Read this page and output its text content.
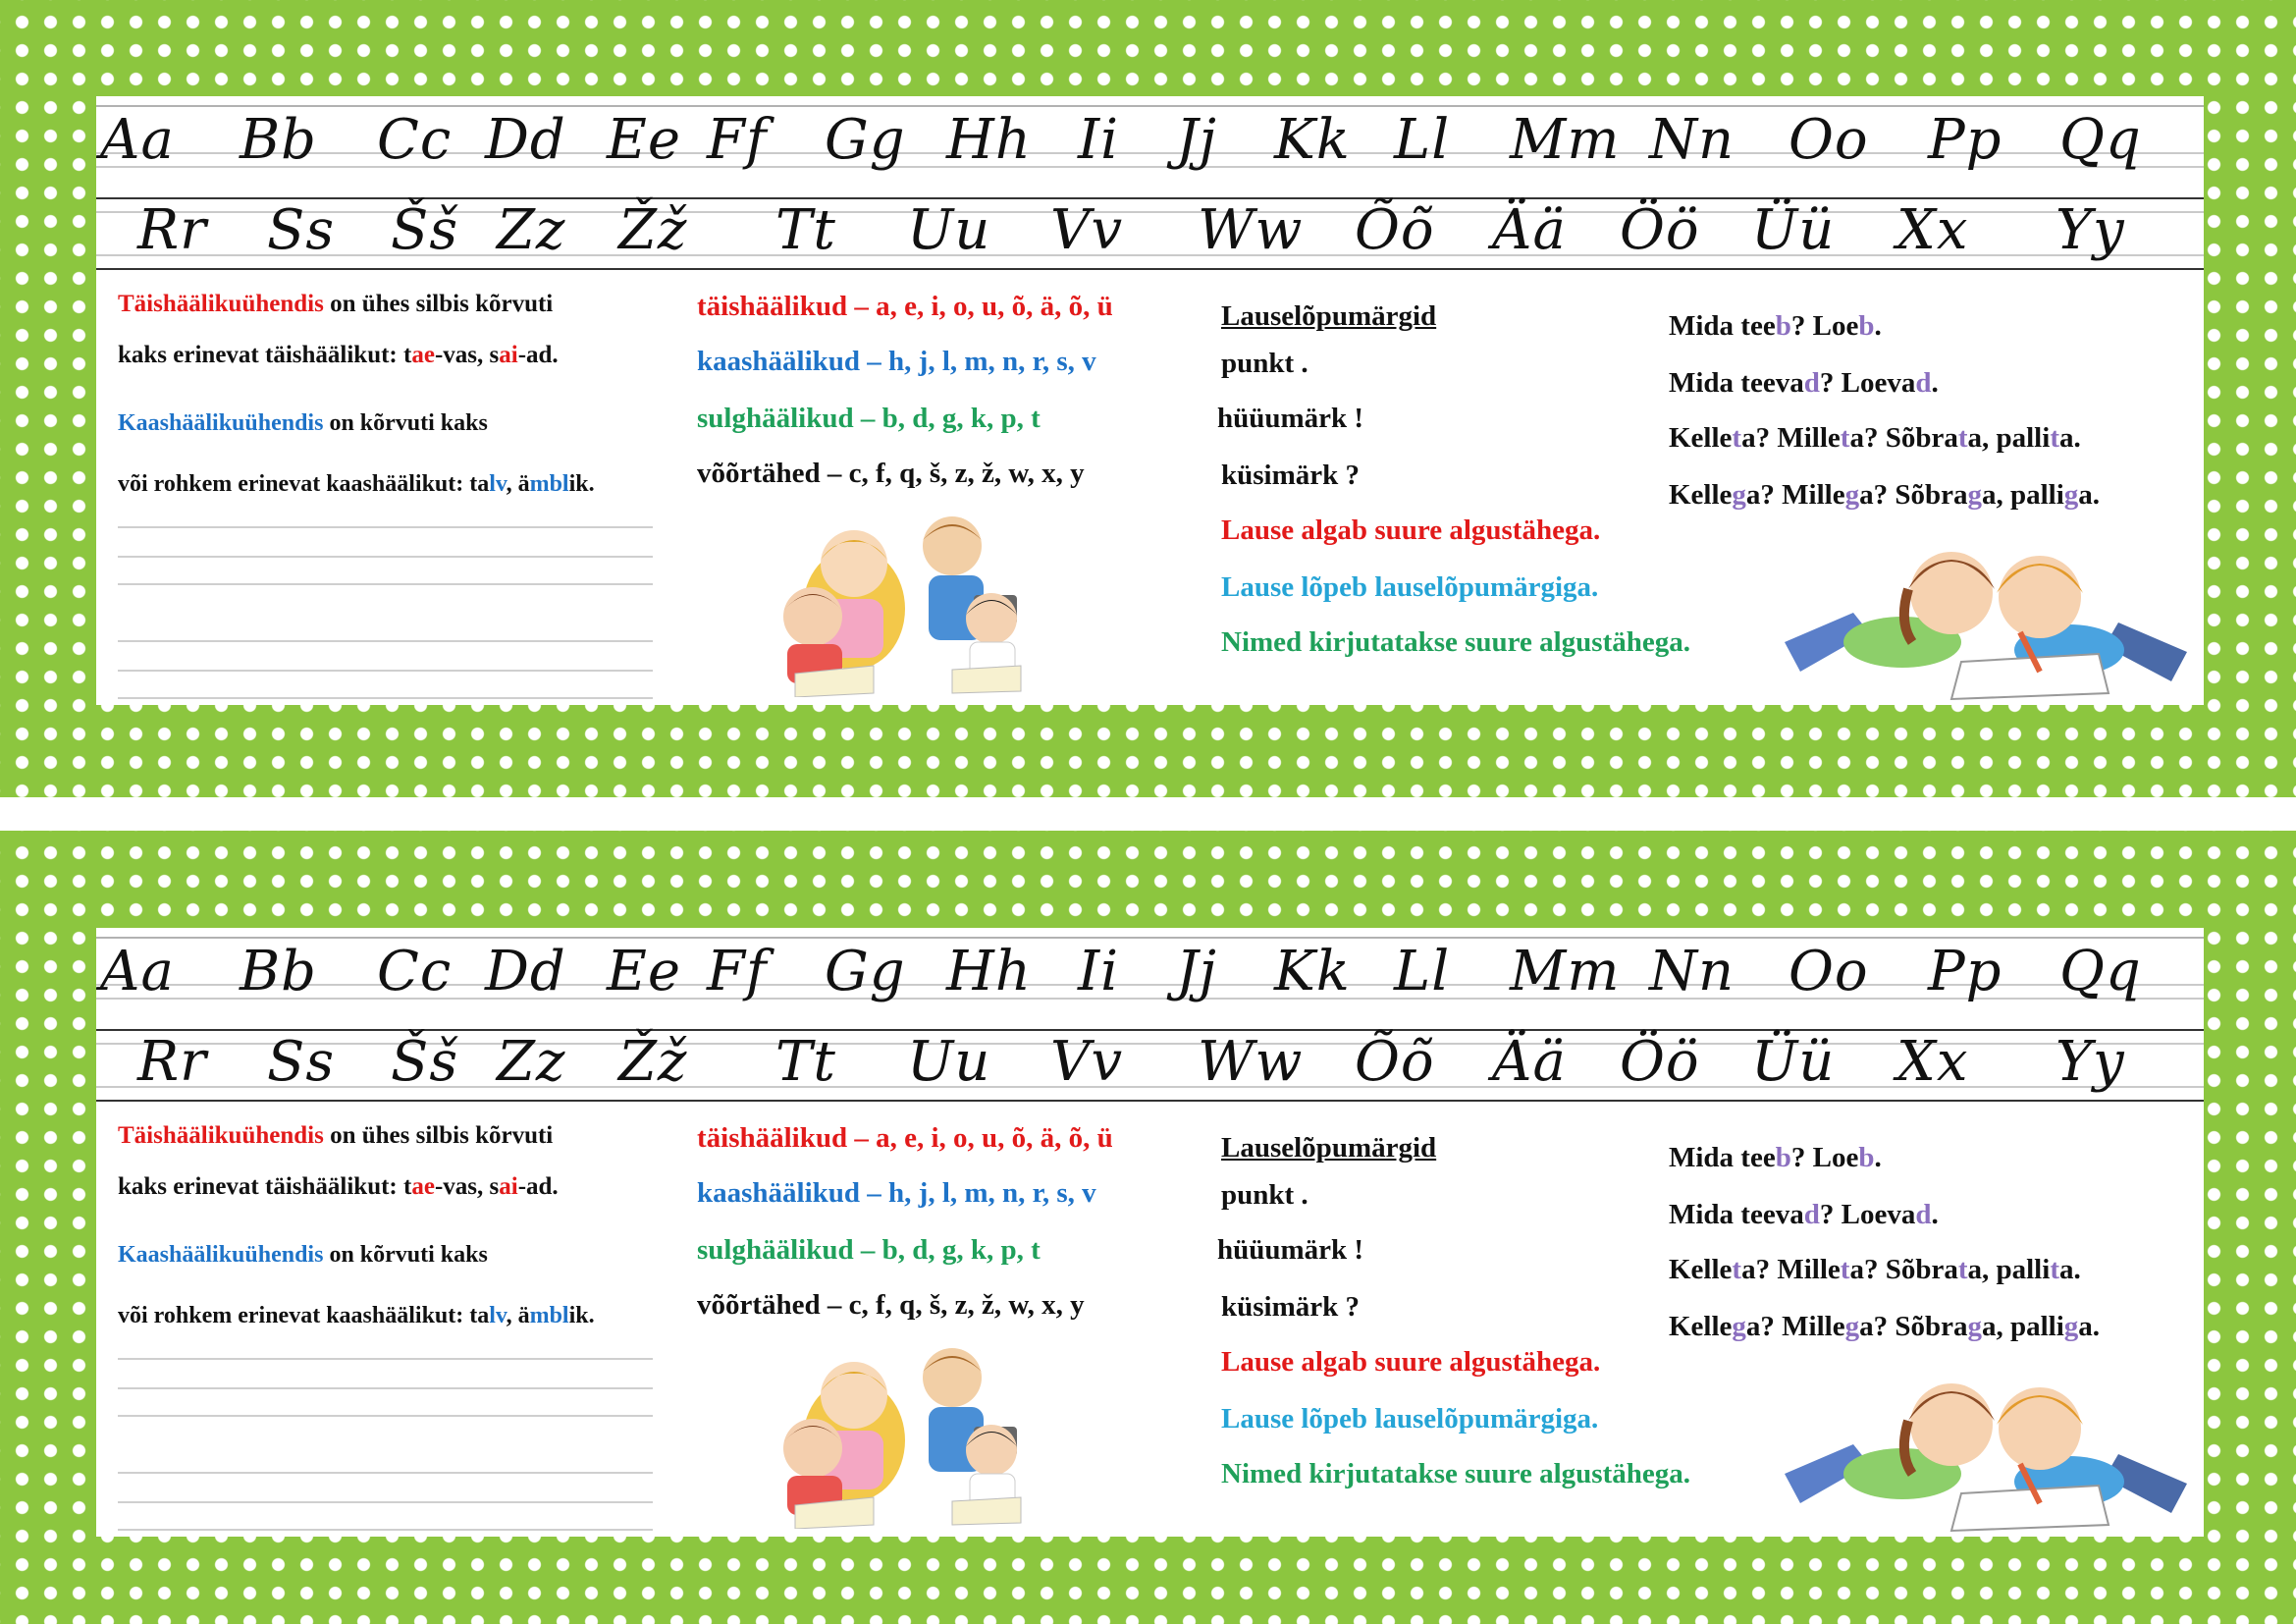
Aa Bb Cc Dd Ee Ff Gg Hh Ii Jj Kk Ll Mm Nn Oo Pp Qq
Rr Ss Šš Zz Žž Tt Uu Vv Ww Õõ Ää Öö Üü Xx Yy
Täishäälikuühendis on ühes silbis kõrvuti
kaks erinevat täishäälikut: tae-vas, sai-ad.
Kaashäälikuühendis on kõrvuti kaks
või rohkem erinevat kaashäälikut: talv, ämblik.
täishäälikud – a, e, i, o, u, õ, ä, õ, ü
kaashäälikud – h, j, l, m, n, r, s, v
sulghäälikud – b, d, g, k, p, t
võõrtähed – c, f, q, š, z, ž, w, x, y
Lauselõpumärgid
punkt .
hüüumärk !
küsimärk ?
Lause algab suure algustähega.
Lause lõpeb lauselõpumärgiga.
Nimed kirjutatakse suure algustähega.
Mida teeb? Loeb.
Mida teevad? Loevad.
Kelleta? Milleta? Sõbrata, pallita.
Kellega? Millega? Sõbraga, palliga.
Aa Bb Cc Dd Ee Ff Gg Hh Ii Jj Kk Ll Mm Nn Oo Pp Qq
Rr Ss Šš Zz Žž Tt Uu Vv Ww Õõ Ää Öö Üü Xx Yy
Täishäälikuühendis on ühes silbis kõrvuti
kaks erinevat täishäälikut: tae-vas, sai-ad.
Kaashäälikuühendis on kõrvuti kaks
või rohkem erinevat kaashäälikut: talv, ämblik.
täishäälikud – a, e, i, o, u, õ, ä, õ, ü
kaashäälikud – h, j, l, m, n, r, s, v
sulghäälikud – b, d, g, k, p, t
võõrtähed – c, f, q, š, z, ž, w, x, y
Lauselõpumärgid
punkt .
hüüumärk !
küsimärk ?
Lause algab suure algustähega.
Lause lõpeb lauselõpumärgiga.
Nimed kirjutatakse suure algustähega.
Mida teeb? Loeb.
Mida teevad? Loevad.
Kelleta? Milleta? Sõbrata, pallita.
Kellega? Millega? Sõbraga, palliga.
